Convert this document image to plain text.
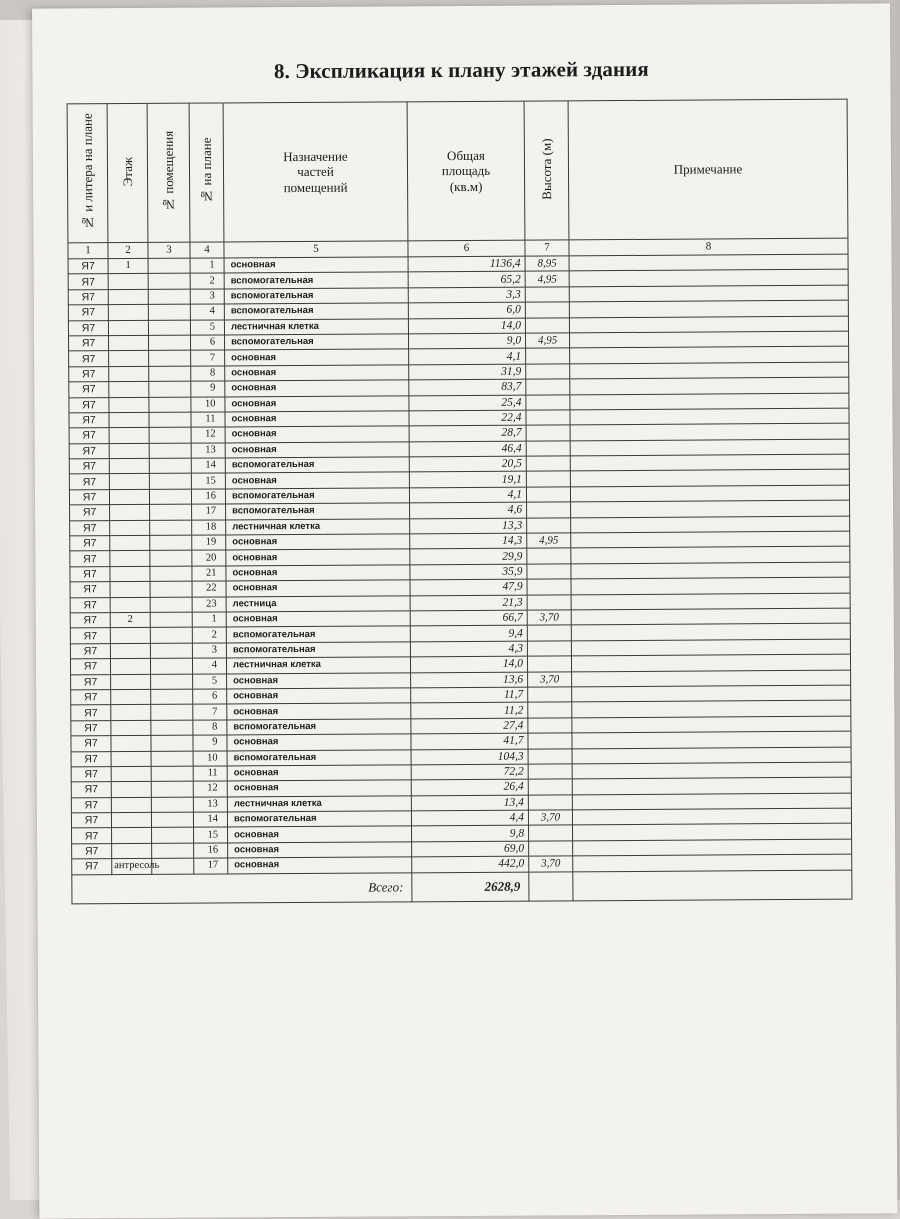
8. Экспликация к плану этажей здания
№ и литера на плане	Этаж	№ помещения	№ на плане	Назначение частей помещений	Общая площадь (кв.м)	Высота (м)	Примечание
1	2	3	4	5	6	7	8
Я7	1		1	основная	1136,4	8,95	
Я7			2	вспомогательная	65,2	4,95	
Я7			3	вспомогательная	3,3		
Я7			4	вспомогательная	6,0		
Я7			5	лестничная клетка	14,0		
Я7			6	вспомогательная	9,0	4,95	
Я7			7	основная	4,1		
Я7			8	основная	31,9		
Я7			9	основная	83,7		
Я7			10	основная	25,4		
Я7			11	основная	22,4		
Я7			12	основная	28,7		
Я7			13	основная	46,4		
Я7			14	вспомогательная	20,5		
Я7			15	основная	19,1		
Я7			16	вспомогательная	4,1		
Я7			17	вспомогательная	4,6		
Я7			18	лестничная клетка	13,3		
Я7			19	основная	14,3	4,95	
Я7			20	основная	29,9		
Я7			21	основная	35,9		
Я7			22	основная	47,9		
Я7			23	лестница	21,3		
Я7	2		1	основная	66,7	3,70	
Я7			2	вспомогательная	9,4		
Я7			3	вспомогательная	4,3		
Я7			4	лестничная клетка	14,0		
Я7			5	основная	13,6	3,70	
Я7			6	основная	11,7		
Я7			7	основная	11,2		
Я7			8	вспомогательная	27,4		
Я7			9	основная	41,7		
Я7			10	вспомогательная	104,3		
Я7			11	основная	72,2		
Я7			12	основная	26,4		
Я7			13	лестничная клетка	13,4		
Я7			14	вспомогательная	4,4	3,70	
Я7			15	основная	9,8		
Я7			16	основная	69,0		
Я7	антресоль		17	основная	442,0	3,70	
Всего:					2628,9		
